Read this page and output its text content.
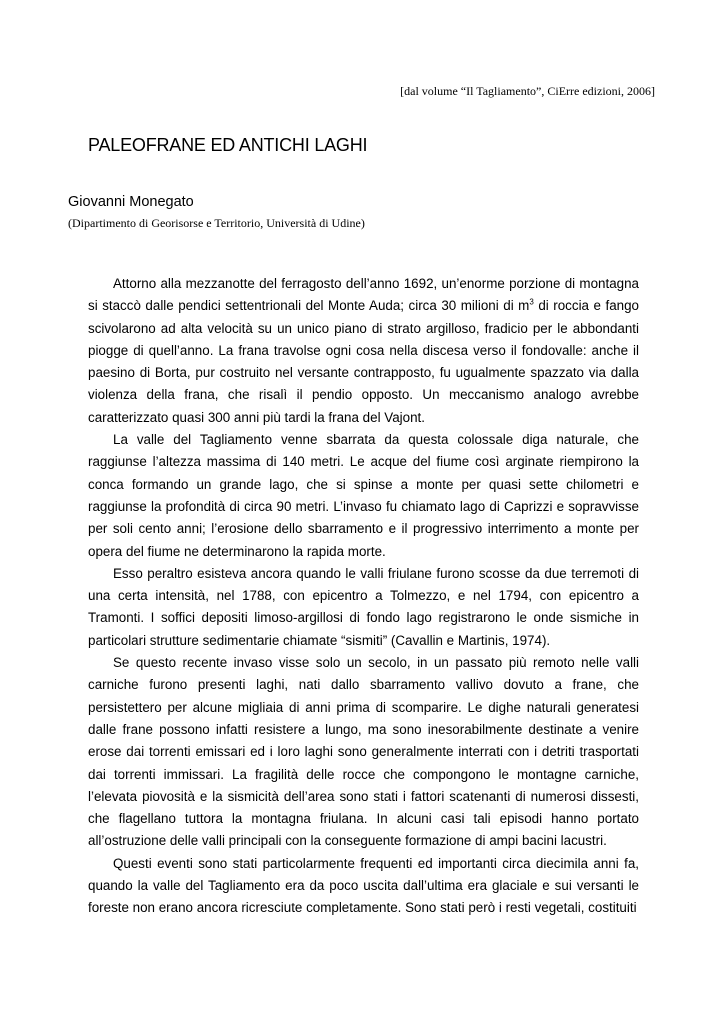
[dal volume “Il Tagliamento”, CiErre edizioni, 2006]
PALEOFRANE ED ANTICHI LAGHI
Giovanni Monegato
(Dipartimento di Georisorse e Territorio, Università di Udine)

Attorno alla mezzanotte del ferragosto dell’anno 1692, un’enorme porzione di montagna si staccò dalle pendici settentrionali del Monte Auda; circa 30 milioni di $m^3$ di roccia e fango scivolarono ad alta velocità su un unico piano di strato argilloso, fradicio per le abbondanti piogge di quell’anno. La frana travolse ogni cosa nella discesa verso il fondovalle: anche il paesino di Borta, pur costruito nel versante contrapposto, fu ugualmente spazzato via dalla violenza della frana, che risalì il pendio opposto. Un meccanismo analogo avrebbe caratterizzato quasi 300 anni più tardi la frana del Vajont.

La valle del Tagliamento venne sbarrata da questa colossale diga naturale, che raggiunse l’altezza massima di 140 metri. Le acque del fiume così arginate riempirono la conca formando un grande lago, che si spinse a monte per quasi sette chilometri e raggiunse la profondità di circa 90 metri. L’invaso fu chiamato lago di Caprizzi e sopravvisse per soli cento anni; l’erosione dello sbarramento e il progressivo interrimento a monte per opera del fiume ne determinarono la rapida morte.

Esso peraltro esisteva ancora quando le valli friulane furono scosse da due terremoti di una certa intensità, nel 1788, con epicentro a Tolmezzo, e nel 1794, con epicentro a Tramonti. I soffici depositi limoso-argillosi di fondo lago registrarono le onde sismiche in particolari strutture sedimentarie chiamate “sismiti” (Cavallin e Martinis, 1974).

Se questo recente invaso visse solo un secolo, in un passato più remoto nelle valli carniche furono presenti laghi, nati dallo sbarramento vallivo dovuto a frane, che persistettero per alcune migliaia di anni prima di scomparire. Le dighe naturali generatesi dalle frane possono infatti resistere a lungo, ma sono inesorabilmente destinate a venire erose dai torrenti emissari ed i loro laghi sono generalmente interrati con i detriti trasportati dai torrenti immissari. La fragilità delle rocce che compongono le montagne carniche, l’elevata piovosità e la sismicità dell’area sono stati i fattori scatenanti di numerosi dissesti, che flagellano tuttora la montagna friulana. In alcuni casi tali episodi hanno portato all’ostruzione delle valli principali con la conseguente formazione di ampi bacini lacustri.

Questi eventi sono stati particolarmente frequenti ed importanti circa diecimila anni fa, quando la valle del Tagliamento era da poco uscita dall’ultima era glaciale e sui versanti le foreste non erano ancora ricresciute completamente. Sono stati però i resti vegetali, costituiti
